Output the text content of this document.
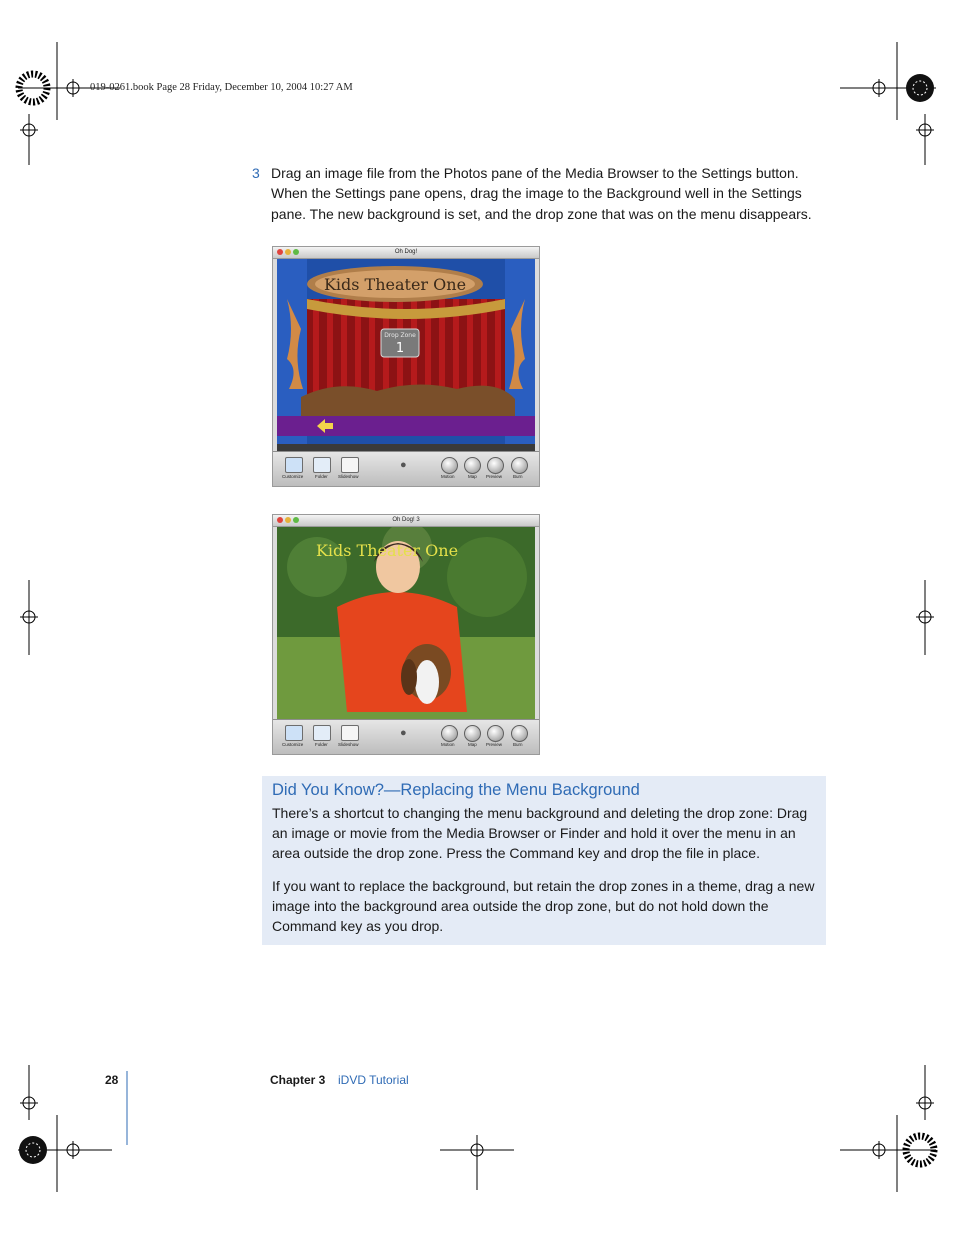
019-0261.book Page 28 Friday, December 10, 2004 10:27 AM
3 Drag an image file from the Photos pane of the Media Browser to the Settings button. When the Settings pane opens, drag the image to the Background well in the Settings pane. The new background is set, and the drop zone that was on the menu disappears.
Oh Dog!
Kids Theater One
Drop Zone
1
Customize	Folder Slideshow
●
Motion	Map Preview Burn
Oh Dog! 3
Kids Theater One
Customize	Folder Slideshow
●
Motion	Map Preview Burn
Did You Know?—Replacing the Menu Background
There’s a shortcut to changing the menu background and deleting the drop zone: Drag an image or movie from the Media Browser or Finder and hold it over the menu in an area outside the drop zone. Press the Command key and drop the file in place.
If you want to replace the background, but retain the drop zones in a theme, drag a new image into the background area outside the drop zone, but do not hold down the Command key as you drop.
28	Chapter 3 iDVD Tutorial
